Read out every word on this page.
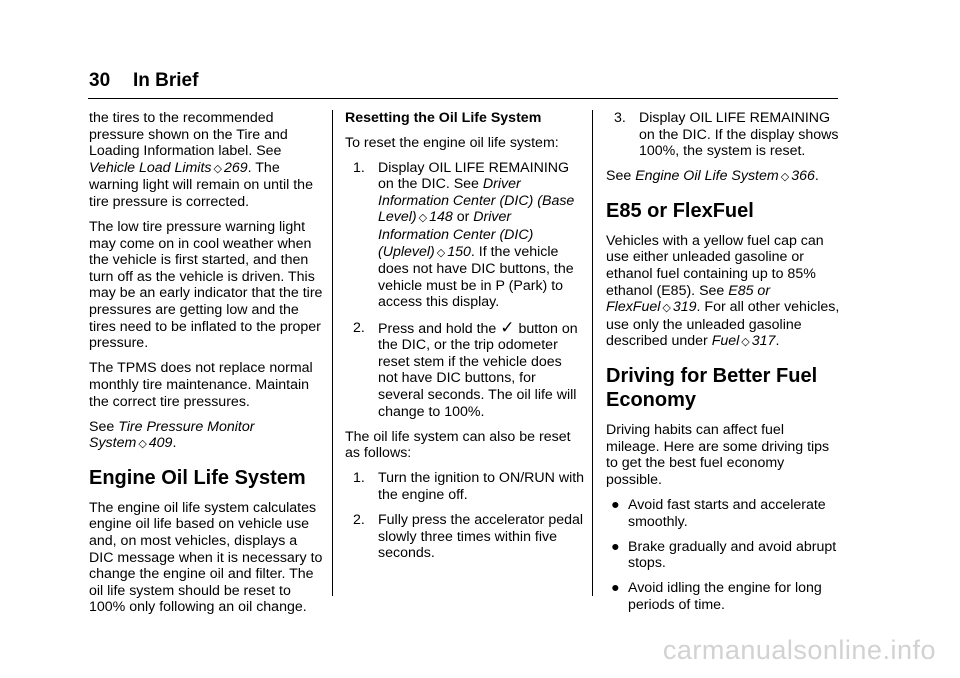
30 In Brief

the tires to the recommended pressure shown on the Tire and Loading Information label. See Vehicle Load Limits ◇ 269. The warning light will remain on until the tire pressure is corrected.

The low tire pressure warning light may come on in cool weather when the vehicle is first started, and then turn off as the vehicle is driven. This may be an early indicator that the tire pressures are getting low and the tires need to be inflated to the proper pressure.

The TPMS does not replace normal monthly tire maintenance. Maintain the correct tire pressures.

See Tire Pressure Monitor System ◇ 409.

Engine Oil Life System

The engine oil life system calculates engine oil life based on vehicle use and, on most vehicles, displays a DIC message when it is necessary to change the engine oil and filter. The oil life system should be reset to 100% only following an oil change.

Resetting the Oil Life System

To reset the engine oil life system:

1. Display OIL LIFE REMAINING on the DIC. See Driver Information Center (DIC) (Base Level) ◇ 148 or Driver Information Center (DIC) (Uplevel) ◇ 150. If the vehicle does not have DIC buttons, the vehicle must be in P (Park) to access this display.
2. Press and hold the ✓ button on the DIC, or the trip odometer reset stem if the vehicle does not have DIC buttons, for several seconds. The oil life will change to 100%.

The oil life system can also be reset as follows:

1. Turn the ignition to ON/RUN with the engine off.
2. Fully press the accelerator pedal slowly three times within five seconds.
3. Display OIL LIFE REMAINING on the DIC. If the display shows 100%, the system is reset.

See Engine Oil Life System ◇ 366.

E85 or FlexFuel

Vehicles with a yellow fuel cap can use either unleaded gasoline or ethanol fuel containing up to 85% ethanol (E85). See E85 or FlexFuel ◇ 319. For all other vehicles, use only the unleaded gasoline described under Fuel ◇ 317.

Driving for Better Fuel Economy

Driving habits can affect fuel mileage. Here are some driving tips to get the best fuel economy possible.

● Avoid fast starts and accelerate smoothly.
● Brake gradually and avoid abrupt stops.
● Avoid idling the engine for long periods of time.
carmanualsonline.info
